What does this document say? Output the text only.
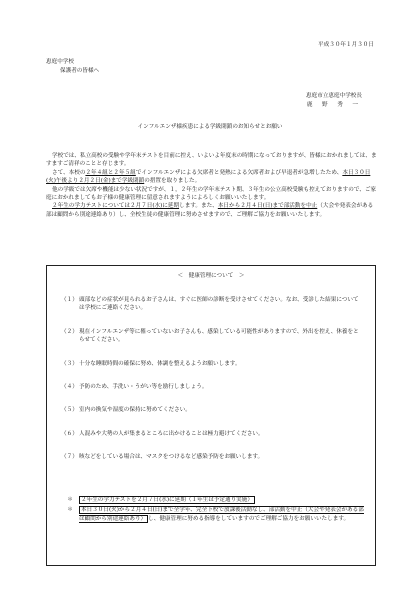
平成３０年１月３０日
恵庭中学校
保護者の皆様へ
恵庭市立恵庭中学校長
鹿　野　秀　一
インフルエンザ様疾患による学級閉鎖のお知らせとお願い

学校では、私立高校の受験や学年末テストを目前に控え、いよいよ年度末の時期になっておりますが、皆様におかれましては、ますますご清祥のことと存じます。

さて、本校の２年４組と２年５組でインフルエンザによる欠席者と発熱による欠席者および早退者が急増したため、本日３０日(火)午後より２月２日(金)まで学級閉鎖の措置を取りました。

他の学級では欠席や機能は少ない状況ですが、１，２年生の学年末テスト期、３年生の公立高校受験も控えておりますので、ご家庭におかれましてもお子様の健康管理に留意されますようによろしくお願いいたします。

２年生の学力テストについては２月７日(水)に延期します。また、本日から２月４日(日)まで部活動を中止（大会や発表会がある部は顧問から別途連絡あり）し、全校生徒の健康管理に努めさせますので、ご理解ご協力をお願いいたします。

＜　健康管理について　＞
（１） 頭部などの症状が見られるお子さんは、すぐに医師の診断を受けさせてください。なお、受診した結果については学校にご連絡ください。
（２） 現在インフルエンザ等に罹っていないお子さんも、感染している可能性がありますので、外出を控え、休養をとらせてください。
（３） 十分な睡眠時間の確保に努め、体調を整えるようお願いします。
（４） 予防のため、手洗い・うがい等を励行しましょう。
（５） 室内の換気や湿度の保持に努めてください。
（６） 人混みや大勢の人が集まるところに出かけることは極力避けてください。
（７） 咳などをしている場合は、マスクをつけるなど感染予防をお願いします。
＊	２年生の学力テストを２月７日(水)に延期（１年生は予定通り実施）
＊	本日３０日(火)から２月４日(日)まで全学年、完全下校で放課後活動なし、部活動を中止（大会や発表会がある部は顧問から別途連絡あり） し、健康管理に努める指導をしていますのでご理解ご協力をお願いいたします。
